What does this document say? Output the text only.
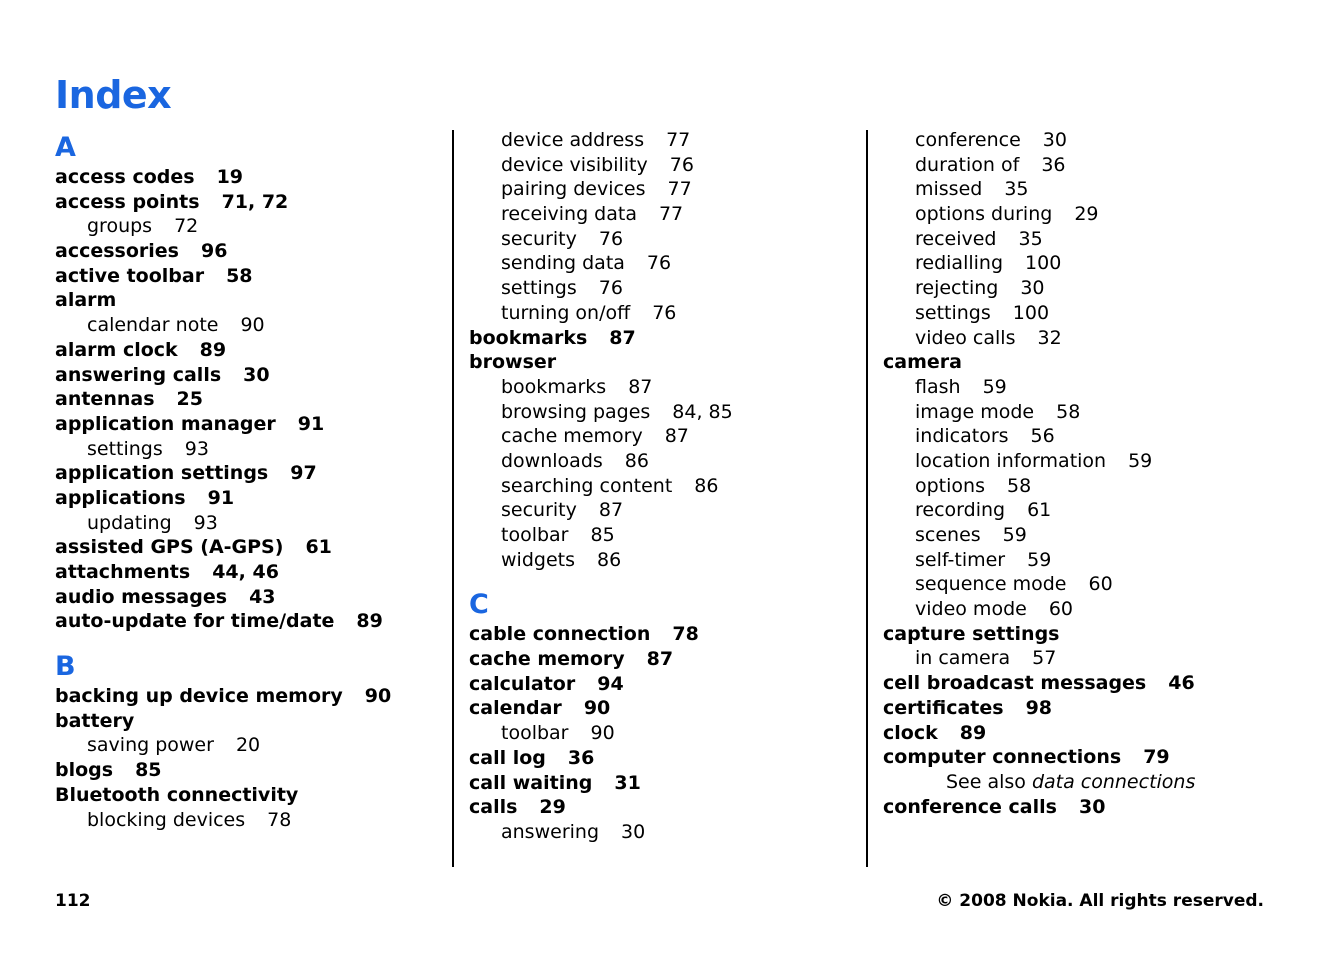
Index
A
access codes 19
access points 71, 72
groups 72
accessories 96
active toolbar 58
alarm
calendar note 90
alarm clock 89
answering calls 30
antennas 25
application manager 91
settings 93
application settings 97
applications 91
updating 93
assisted GPS (A-GPS) 61
attachments 44, 46
audio messages 43
auto-update for time/date 89
B
backing up device memory 90
battery
saving power 20
blogs 85
Bluetooth connectivity
blocking devices 78
device address 77
device visibility 76
pairing devices 77
receiving data 77
security 76
sending data 76
settings 76
turning on/off 76
bookmarks 87
browser
bookmarks 87
browsing pages 84, 85
cache memory 87
downloads 86
searching content 86
security 87
toolbar 85
widgets 86
C
cable connection 78
cache memory 87
calculator 94
calendar 90
toolbar 90
call log 36
call waiting 31
calls 29
answering 30
conference 30
duration of 36
missed 35
options during 29
received 35
redialling 100
rejecting 30
settings 100
video calls 32
camera
flash 59
image mode 58
indicators 56
location information 59
options 58
recording 61
scenes 59
self-timer 59
sequence mode 60
video mode 60
capture settings
in camera 57
cell broadcast messages 46
certificates 98
clock 89
computer connections 79
See also data connections
conference calls 30
112	© 2008 Nokia. All rights reserved.
